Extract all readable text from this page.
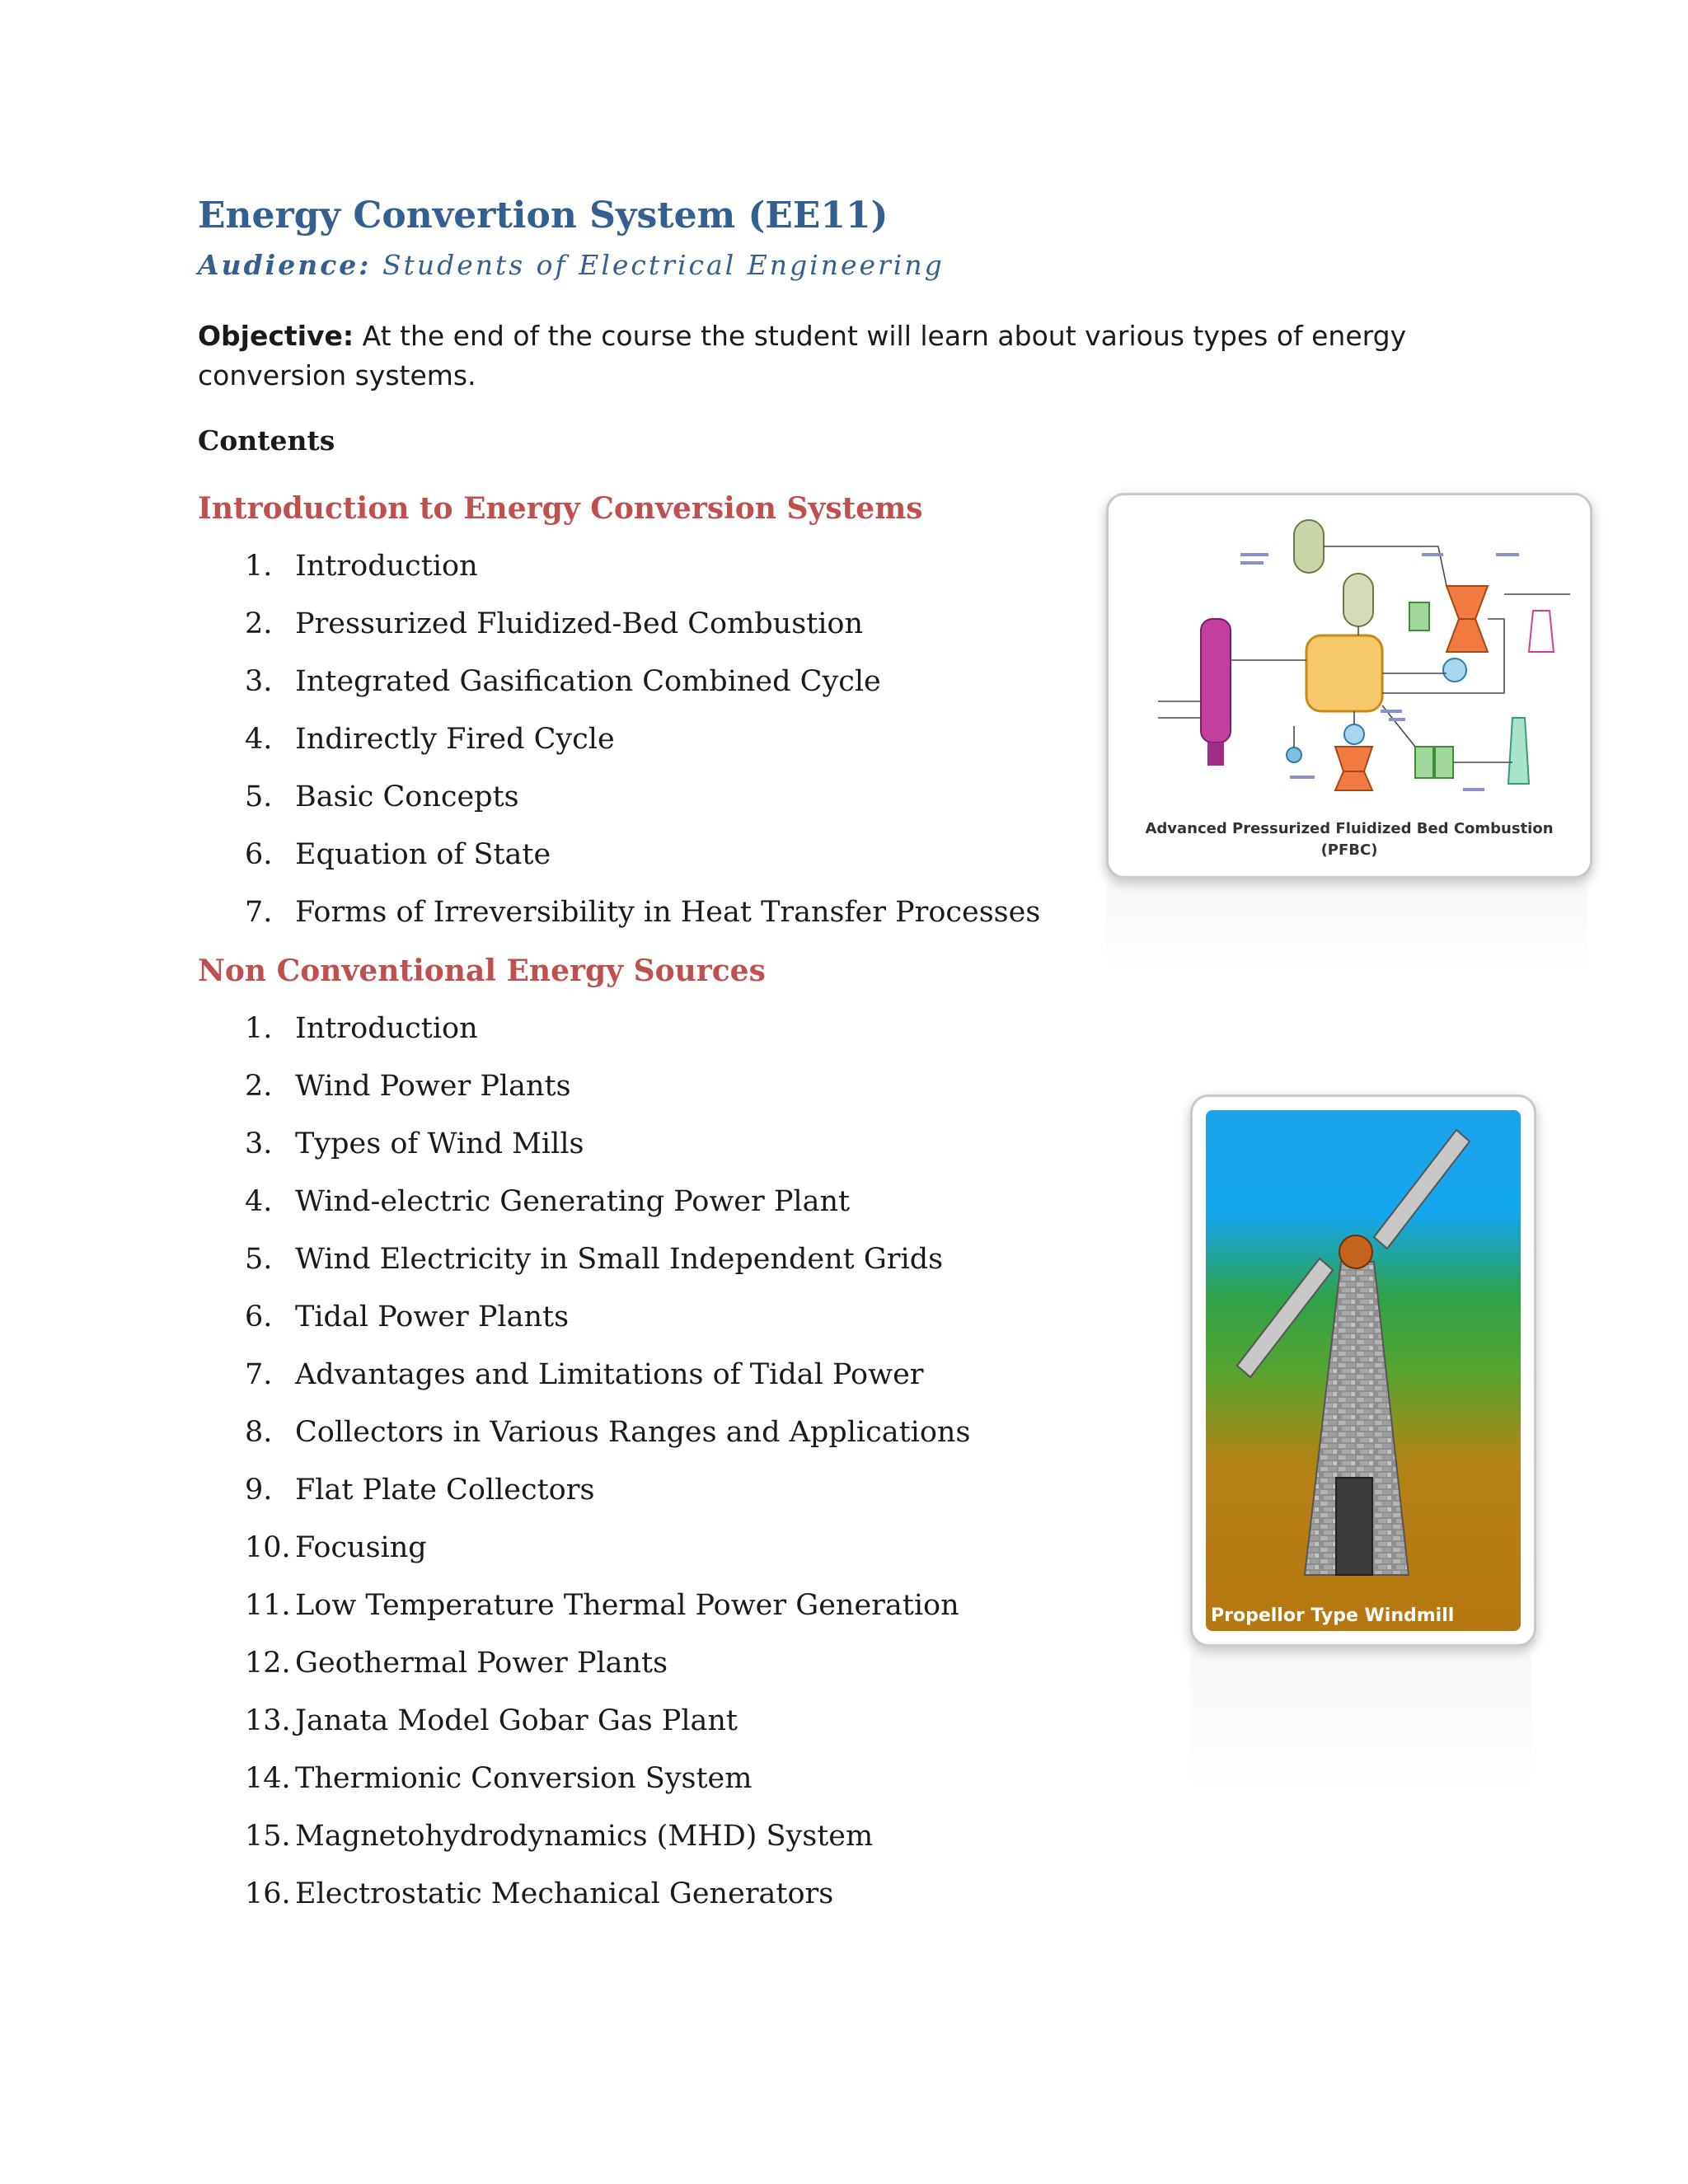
Energy Convertion System (EE11)
Audience: Students of Electrical Engineering
Objective: At the end of the course the student will learn about various types of energy conversion systems.
Contents
Introduction to Energy Conversion Systems
1. Introduction
2. Pressurized Fluidized-Bed Combustion
3. Integrated Gasification Combined Cycle
4. Indirectly Fired Cycle
5. Basic Concepts
6. Equation of State
7. Forms of Irreversibility in Heat Transfer Processes
Non Conventional Energy Sources
1. Introduction
2. Wind Power Plants
3. Types of Wind Mills
4. Wind-electric Generating Power Plant
5. Wind Electricity in Small Independent Grids
6. Tidal Power Plants
7. Advantages and Limitations of Tidal Power
8. Collectors in Various Ranges and Applications
9. Flat Plate Collectors
10. Focusing
11. Low Temperature Thermal Power Generation
12. Geothermal Power Plants
13. Janata Model Gobar Gas Plant
14. Thermionic Conversion System
15. Magnetohydrodynamics (MHD) System
16. Electrostatic Mechanical Generators
Advanced Pressurized Fluidized Bed Combustion
(PFBC)
Propellor Type Windmill
